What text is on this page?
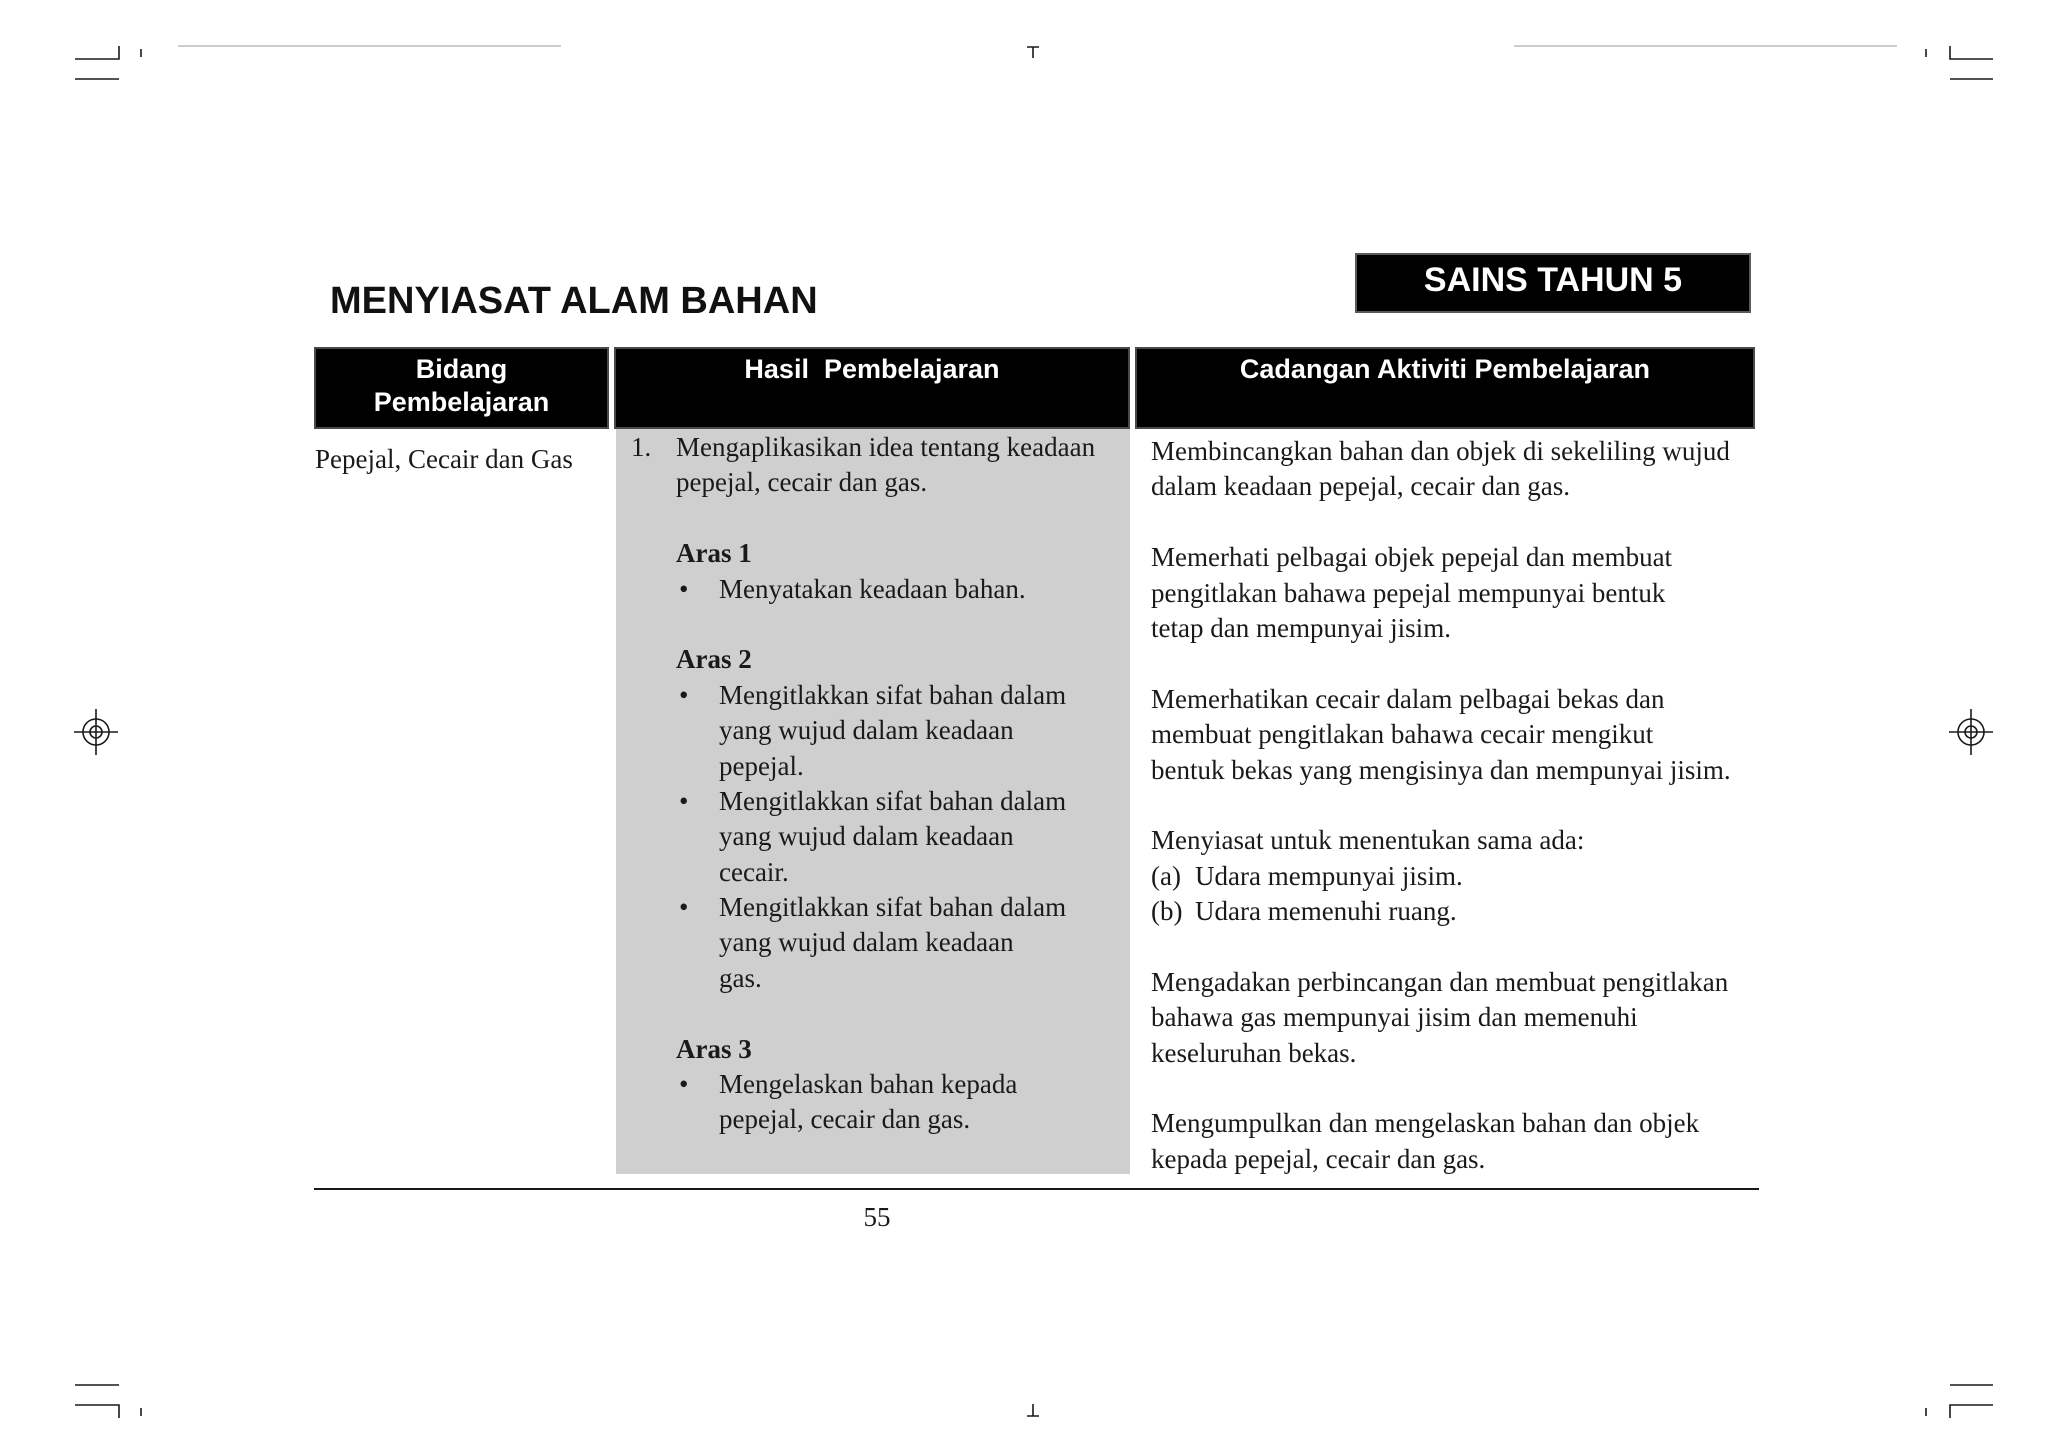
MENYIASAT ALAM BAHAN	SAINS TAHUN 5
Bidang
Pembelajaran
Hasil  Pembelajaran	Cadangan Aktiviti Pembelajaran
Pepejal, Cecair dan Gas 1. Mengaplikasikan idea tentang keadaan
pepejal, cecair dan gas.
Aras 1
• Menyatakan keadaan bahan.
Aras 2
• Mengitlakkan sifat bahan dalam
yang wujud dalam keadaan
pepejal.
• Mengitlakkan sifat bahan dalam
yang wujud dalam keadaan
cecair.
• Mengitlakkan sifat bahan dalam
yang wujud dalam keadaan
gas.
Aras 3
• Mengelaskan bahan kepada
pepejal, cecair dan gas.
Membincangkan bahan dan objek di sekeliling wujud
dalam keadaan pepejal, cecair dan gas.
Memerhati pelbagai objek pepejal dan membuat
pengitlakan bahawa pepejal mempunyai bentuk
tetap dan mempunyai jisim.
Memerhatikan cecair dalam pelbagai bekas dan
membuat pengitlakan bahawa cecair mengikut
bentuk bekas yang mengisinya dan mempunyai jisim.
Menyiasat untuk menentukan sama ada:
(a) Udara mempunyai jisim.
(b) Udara memenuhi ruang.
Mengadakan perbincangan dan membuat pengitlakan
bahawa gas mempunyai jisim dan memenuhi
keseluruhan bekas.
Mengumpulkan dan mengelaskan bahan dan objek
kepada pepejal, cecair dan gas.
55
